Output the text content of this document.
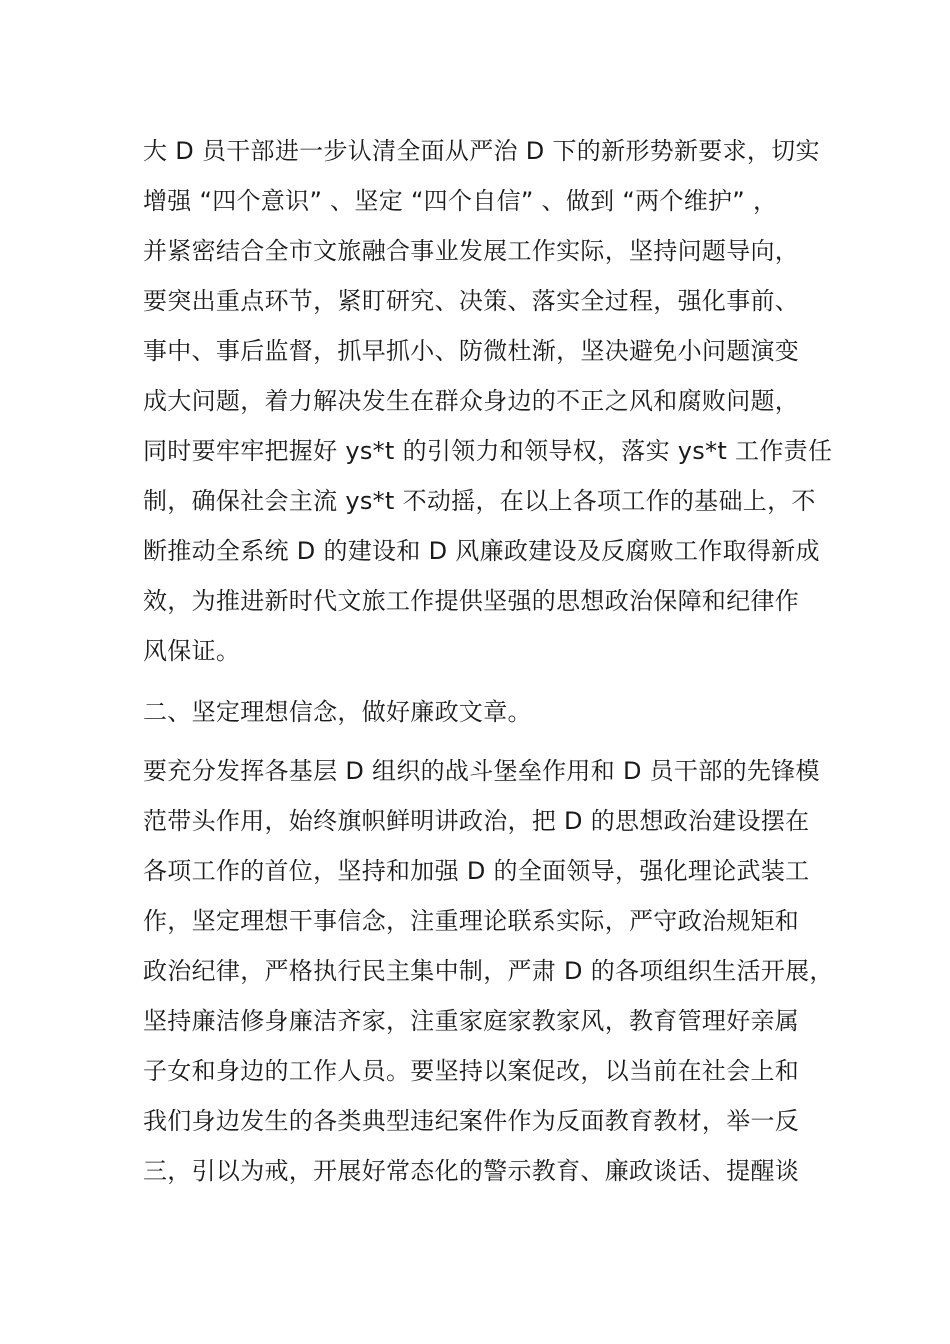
大 D 员干部进一步认清全面从严治 D 下的新形势新要求，切实
增强 “四个意识” 、坚定 “四个自信” 、做到 “两个维护” ，
并紧密结合全市文旅融合事业发展工作实际，坚持问题导向，
要突出重点环节，紧盯研究、决策、落实全过程，强化事前、
事中、事后监督，抓早抓小、防微杜渐，坚决避免小问题演变
成大问题，着力解决发生在群众身边的不正之风和腐败问题，
同时要牢牢把握好 ys*t 的引领力和领导权，落实 ys*t 工作责任
制，确保社会主流 ys*t 不动摇，在以上各项工作的基础上，不
断推动全系统 D 的建设和 D 风廉政建设及反腐败工作取得新成
效，为推进新时代文旅工作提供坚强的思想政治保障和纪律作
风保证。
二、坚定理想信念，做好廉政文章。
要充分发挥各基层 D 组织的战斗堡垒作用和 D 员干部的先锋模
范带头作用，始终旗帜鲜明讲政治，把 D 的思想政治建设摆在
各项工作的首位，坚持和加强 D 的全面领导，强化理论武装工
作，坚定理想干事信念，注重理论联系实际，严守政治规矩和
政治纪律，严格执行民主集中制，严肃 D 的各项组织生活开展，
坚持廉洁修身廉洁齐家，注重家庭家教家风，教育管理好亲属
子女和身边的工作人员。要坚持以案促改，以当前在社会上和
我们身边发生的各类典型违纪案件作为反面教育教材，举一反
三，引以为戒，开展好常态化的警示教育、廉政谈话、提醒谈
